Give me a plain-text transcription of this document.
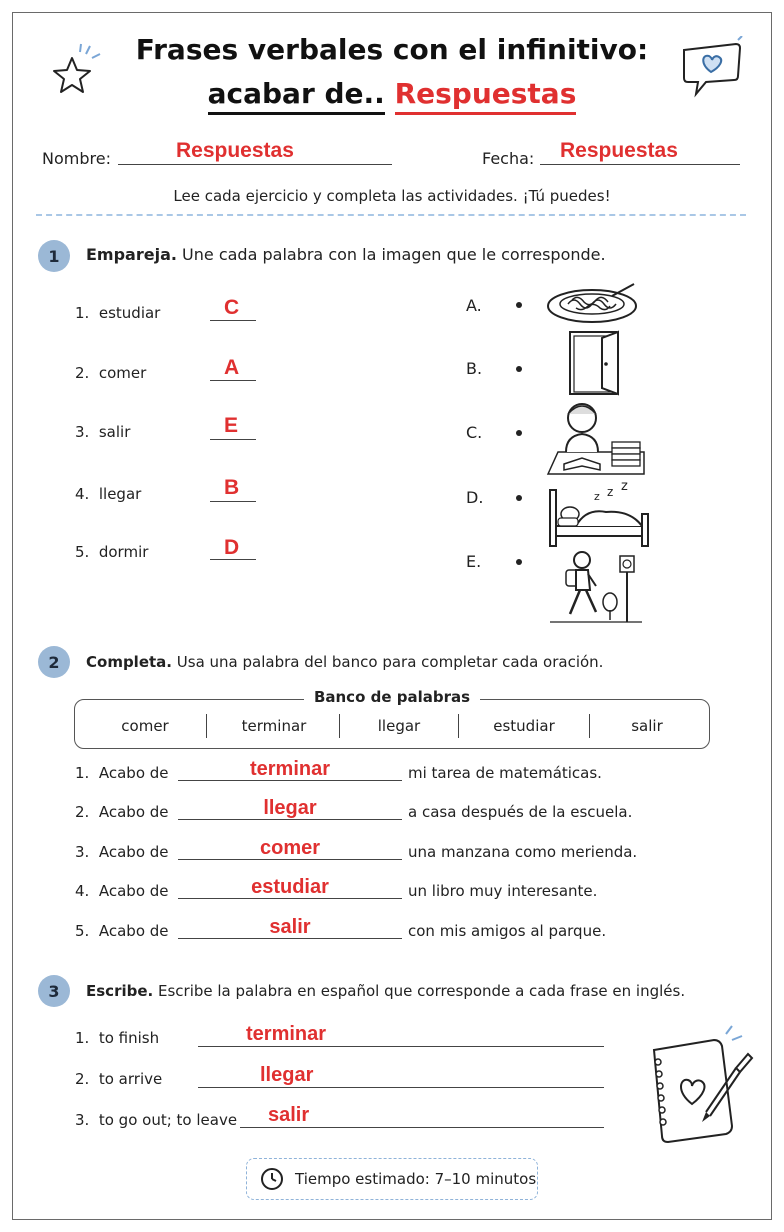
Frases verbales con el infinitivo:
acabar de.. Respuestas
Nombre:	Respuestas	Fecha: Respuestas
Lee cada ejercicio y completa las actividades. ¡Tú puedes!
1	Empareja. Une cada palabra con la imagen que le corresponde.
1. estudiar	C
2. comer	A
3. salir	E
4. llegar	B
5. dormir	D
A.
B.
C.
D.
E.
z z z
2	Completa. Usa una palabra del banco para completar cada oración.
Banco de palabras
comer	terminar	llegar	estudiar	salir
1. Acabo de	terminar	mi tarea de matemáticas.
2. Acabo de	llegar	a casa después de la escuela.
3. Acabo de	comer	una manzana como merienda.
4. Acabo de	estudiar	un libro muy interesante.
5. Acabo de	salir	con mis amigos al parque.
3	Escribe. Escribe la palabra en español que corresponde a cada frase en inglés.
1. to finish	terminar
2. to arrive	llegar
3. to go out; to leave salir
Tiempo estimado: 7–10 minutos
